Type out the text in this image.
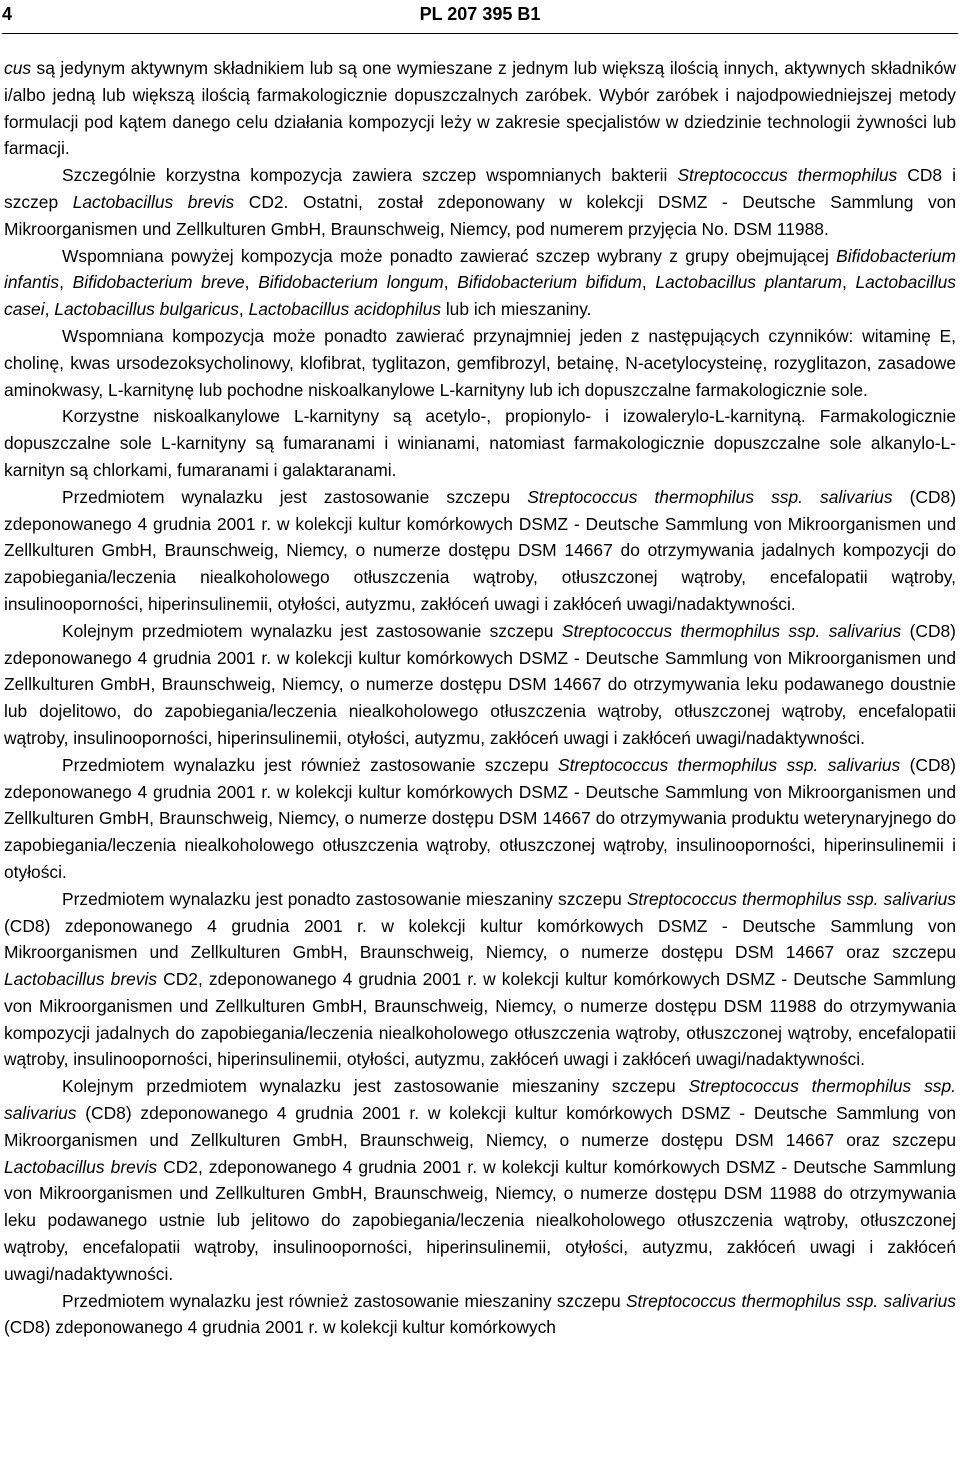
4	PL 207 395 B1

cus są jedynym aktywnym składnikiem lub są one wymieszane z jednym lub większą ilością innych, aktywnych składników i/albo jedną lub większą ilością farmakologicznie dopuszczalnych zaróbek. Wybór zaróbek i najodpowiedniejszej metody formulacji pod kątem danego celu działania kompozycji leży w zakresie specjalistów w dziedzinie technologii żywności lub farmacji.

Szczególnie korzystna kompozycja zawiera szczep wspomnianych bakterii Streptococcus thermophilus CD8 i szczep Lactobacillus brevis CD2. Ostatni, został zdeponowany w kolekcji DSMZ - Deutsche Sammlung von Mikroorganismen und Zellkulturen GmbH, Braunschweig, Niemcy, pod numerem przyjęcia No. DSM 11988.

Wspomniana powyżej kompozycja może ponadto zawierać szczep wybrany z grupy obejmującej Bifidobacterium infantis, Bifidobacterium breve, Bifidobacterium longum, Bifidobacterium bifidum, Lactobacillus plantarum, Lactobacillus casei, Lactobacillus bulgaricus, Lactobacillus acidophilus lub ich mieszaniny.

Wspomniana kompozycja może ponadto zawierać przynajmniej jeden z następujących czynników: witaminę E, cholinę, kwas ursodezoksycholinowy, klofibrat, tyglitazon, gemfibrozyl, betainę, N-acetylocysteinę, rozyglitazon, zasadowe aminokwasy, L-karnitynę lub pochodne niskoalkanylowe L-karnityny lub ich dopuszczalne farmakologicznie sole.

Korzystne niskoalkanylowe L-karnityny są acetylo-, propionylo- i izowalerylo-L-karnityną. Farmakologicznie dopuszczalne sole L-karnityny są fumaranami i winianami, natomiast farmakologicznie dopuszczalne sole alkanylo-L-karnityn są chlorkami, fumaranami i galaktaranami.

Przedmiotem wynalazku jest zastosowanie szczepu Streptococcus thermophilus ssp. salivarius (CD8) zdeponowanego 4 grudnia 2001 r. w kolekcji kultur komórkowych DSMZ - Deutsche Sammlung von Mikroorganismen und Zellkulturen GmbH, Braunschweig, Niemcy, o numerze dostępu DSM 14667 do otrzymywania jadalnych kompozycji do zapobiegania/leczenia niealkoholowego otłuszczenia wątroby, otłuszczonej wątroby, encefalopatii wątroby, insulinooporności, hiperinsulinemii, otyłości, autyzmu, zakłóceń uwagi i zakłóceń uwagi/nadaktywności.

Kolejnym przedmiotem wynalazku jest zastosowanie szczepu Streptococcus thermophilus ssp. salivarius (CD8) zdeponowanego 4 grudnia 2001 r. w kolekcji kultur komórkowych DSMZ - Deutsche Sammlung von Mikroorganismen und Zellkulturen GmbH, Braunschweig, Niemcy, o numerze dostępu DSM 14667 do otrzymywania leku podawanego doustnie lub dojelitowo, do zapobiegania/leczenia niealkoholowego otłuszczenia wątroby, otłuszczonej wątroby, encefalopatii wątroby, insulinooporności, hiperinsulinemii, otyłości, autyzmu, zakłóceń uwagi i zakłóceń uwagi/nadaktywności.

Przedmiotem wynalazku jest również zastosowanie szczepu Streptococcus thermophilus ssp. salivarius (CD8) zdeponowanego 4 grudnia 2001 r. w kolekcji kultur komórkowych DSMZ - Deutsche Sammlung von Mikroorganismen und Zellkulturen GmbH, Braunschweig, Niemcy, o numerze dostępu DSM 14667 do otrzymywania produktu weterynaryjnego do zapobiegania/leczenia niealkoholowego otłuszczenia wątroby, otłuszczonej wątroby, insulinooporności, hiperinsulinemii i otyłości.

Przedmiotem wynalazku jest ponadto zastosowanie mieszaniny szczepu Streptococcus thermophilus ssp. salivarius (CD8) zdeponowanego 4 grudnia 2001 r. w kolekcji kultur komórkowych DSMZ - Deutsche Sammlung von Mikroorganismen und Zellkulturen GmbH, Braunschweig, Niemcy, o numerze dostępu DSM 14667 oraz szczepu Lactobacillus brevis CD2, zdeponowanego 4 grudnia 2001 r. w kolekcji kultur komórkowych DSMZ - Deutsche Sammlung von Mikroorganismen und Zellkulturen GmbH, Braunschweig, Niemcy, o numerze dostępu DSM 11988 do otrzymywania kompozycji jadalnych do zapobiegania/leczenia niealkoholowego otłuszczenia wątroby, otłuszczonej wątroby, encefalopatii wątroby, insulinooporności, hiperinsulinemii, otyłości, autyzmu, zakłóceń uwagi i zakłóceń uwagi/nadaktywności.

Kolejnym przedmiotem wynalazku jest zastosowanie mieszaniny szczepu Streptococcus thermophilus ssp. salivarius (CD8) zdeponowanego 4 grudnia 2001 r. w kolekcji kultur komórkowych DSMZ - Deutsche Sammlung von Mikroorganismen und Zellkulturen GmbH, Braunschweig, Niemcy, o numerze dostępu DSM 14667 oraz szczepu Lactobacillus brevis CD2, zdeponowanego 4 grudnia 2001 r. w kolekcji kultur komórkowych DSMZ - Deutsche Sammlung von Mikroorganismen und Zellkulturen GmbH, Braunschweig, Niemcy, o numerze dostępu DSM 11988 do otrzymywania leku podawanego ustnie lub jelitowo do zapobiegania/leczenia niealkoholowego otłuszczenia wątroby, otłuszczonej wątroby, encefalopatii wątroby, insulinooporności, hiperinsulinemii, otyłości, autyzmu, zakłóceń uwagi i zakłóceń uwagi/nadaktywności.

Przedmiotem wynalazku jest również zastosowanie mieszaniny szczepu Streptococcus thermophilus ssp. salivarius (CD8) zdeponowanego 4 grudnia 2001 r. w kolekcji kultur komórkowych
